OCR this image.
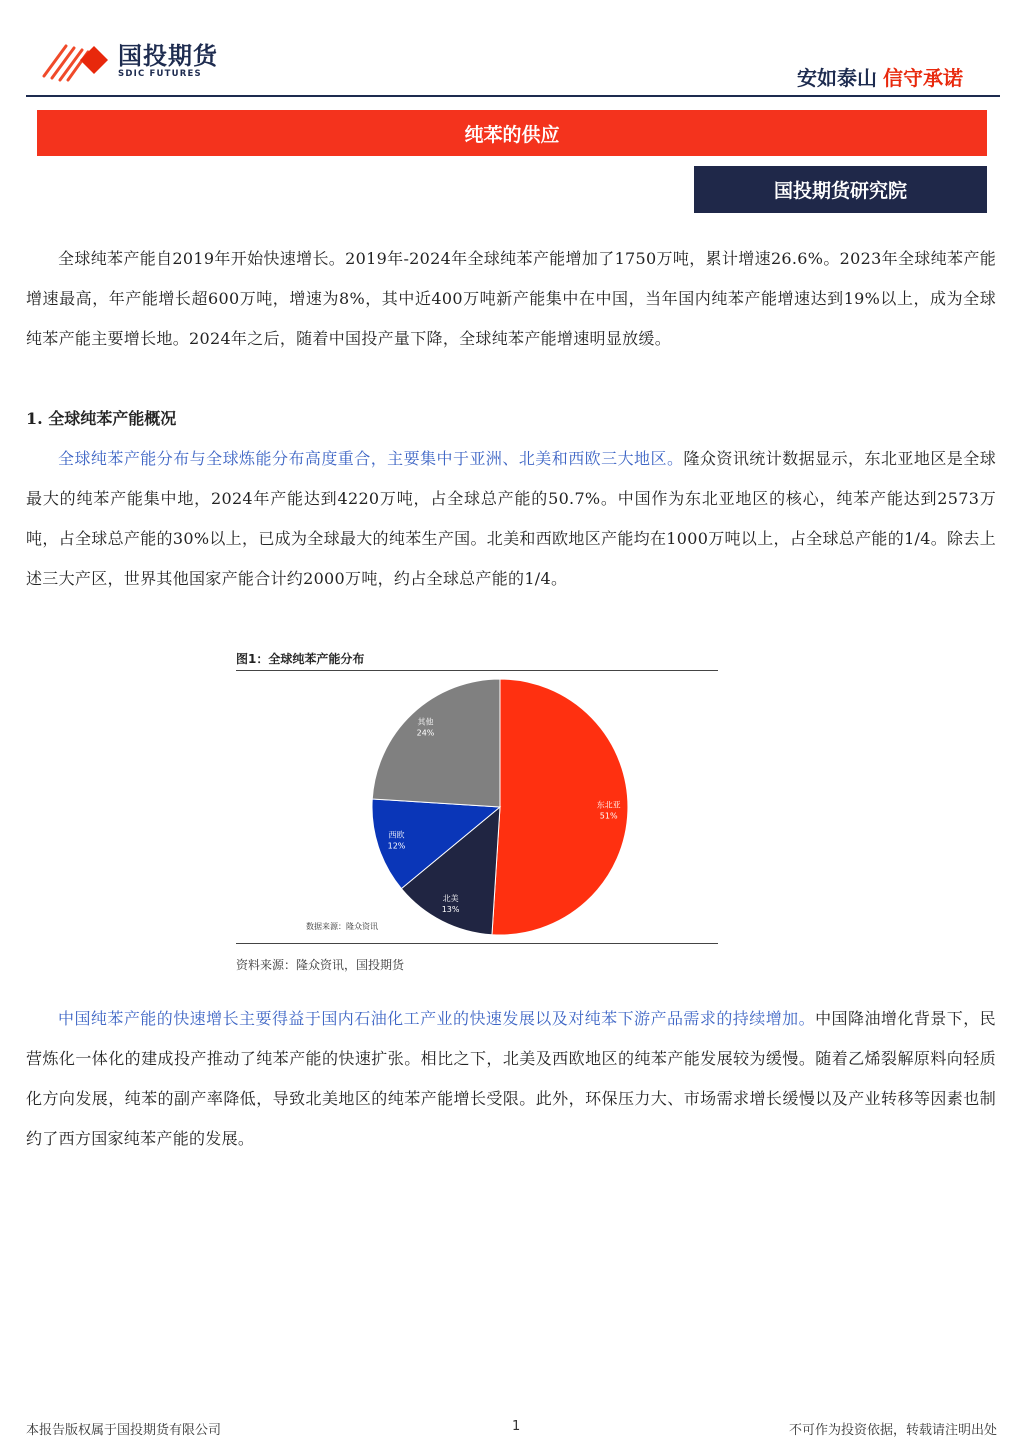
国投期货
SDIC FUTURES	安如泰山 信守承诺
纯苯的供应
国投期货研究院

全球纯苯产能自2019年开始快速增长。2019年-2024年全球纯苯产能增加了1750万吨，累计增速26.6%。2023年全球纯苯产能增速最高，年产能增长超600万吨，增速为8%，其中近400万吨新产能集中在中国，当年国内纯苯产能增速达到19%以上，成为全球纯苯产能主要增长地。2024年之后，随着中国投产量下降，全球纯苯产能增速明显放缓。

1. 全球纯苯产能概况

全球纯苯产能分布与全球炼能分布高度重合，主要集中于亚洲、北美和西欧三大地区。隆众资讯统计数据显示，东北亚地区是全球最大的纯苯产能集中地，2024年产能达到4220万吨，占全球总产能的50.7%。中国作为东北亚地区的核心，纯苯产能达到2573万吨，占全球总产能的30%以上，已成为全球最大的纯苯生产国。北美和西欧地区产能均在1000万吨以上，占全球总产能的1/4。除去上述三大产区，世界其他国家产能合计约2000万吨，约占全球总产能的1/4。

图1：全球纯苯产能分布
东北亚
51%
北美
13%
西欧
12%
其他
24%
数据来源：隆众资讯
资料来源：隆众资讯，国投期货

中国纯苯产能的快速增长主要得益于国内石油化工产业的快速发展以及对纯苯下游产品需求的持续增加。中国降油增化背景下，民营炼化一体化的建成投产推动了纯苯产能的快速扩张。相比之下，北美及西欧地区的纯苯产能发展较为缓慢。随着乙烯裂解原料向轻质化方向发展，纯苯的副产率降低，导致北美地区的纯苯产能增长受限。此外，环保压力大、市场需求增长缓慢以及产业转移等因素也制约了西方国家纯苯产能的发展。

本报告版权属于国投期货有限公司	1	不可作为投资依据，转载请注明出处
